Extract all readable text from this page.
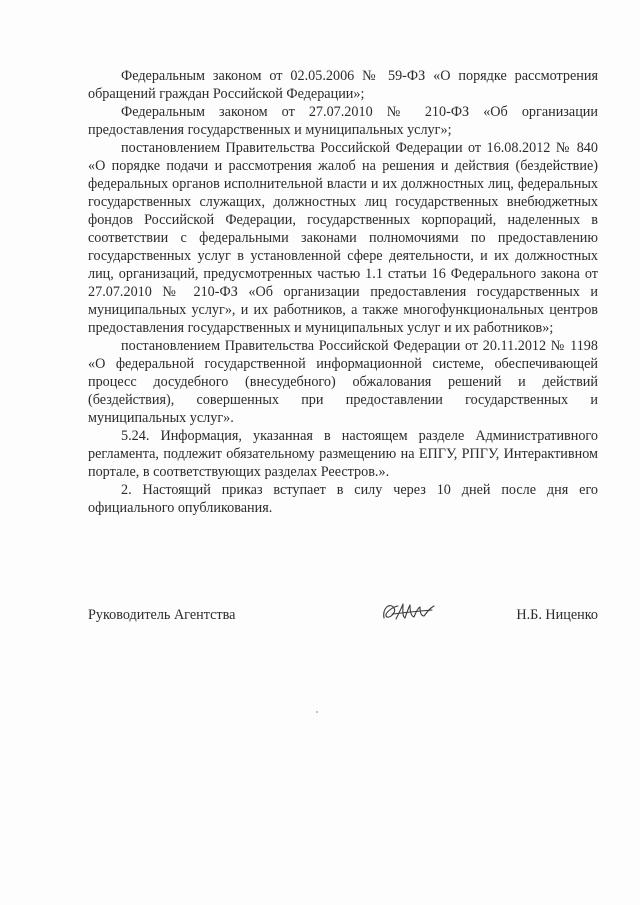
Федеральным законом от 02.05.2006 № 59-ФЗ «О порядке рассмотрения обращений граждан Российской Федерации»;

Федеральным законом от 27.07.2010 № 210-ФЗ «Об организации предоставления государственных и муниципальных услуг»;

постановлением Правительства Российской Федерации от 16.08.2012 № 840 «О порядке подачи и рассмотрения жалоб на решения и действия (бездействие) федеральных органов исполнительной власти и их должностных лиц, федеральных государственных служащих, должностных лиц государственных внебюджетных фондов Российской Федерации, государственных корпораций, наделенных в соответствии с федеральными законами полномочиями по предоставлению государственных услуг в установленной сфере деятельности, и их должностных лиц, организаций, предусмотренных частью 1.1 статьи 16 Федерального закона от 27.07.2010 № 210-ФЗ «Об организации предоставления государственных и муниципальных услуг», и их работников, а также многофункциональных центров предоставления государственных и муниципальных услуг и их работников»;

постановлением Правительства Российской Федерации от 20.11.2012 № 1198 «О федеральной государственной информационной системе, обеспечивающей процесс досудебного (внесудебного) обжалования решений и действий (бездействия), совершенных при предоставлении государственных и муниципальных услуг».

5.24. Информация, указанная в настоящем разделе Административного регламента, подлежит обязательному размещению на ЕПГУ, РПГУ, Интерактивном портале, в соответствующих разделах Реестров.».

2. Настоящий приказ вступает в силу через 10 дней после дня его официального опубликования.

Руководитель Агентства	Н.Б. Ниценко
